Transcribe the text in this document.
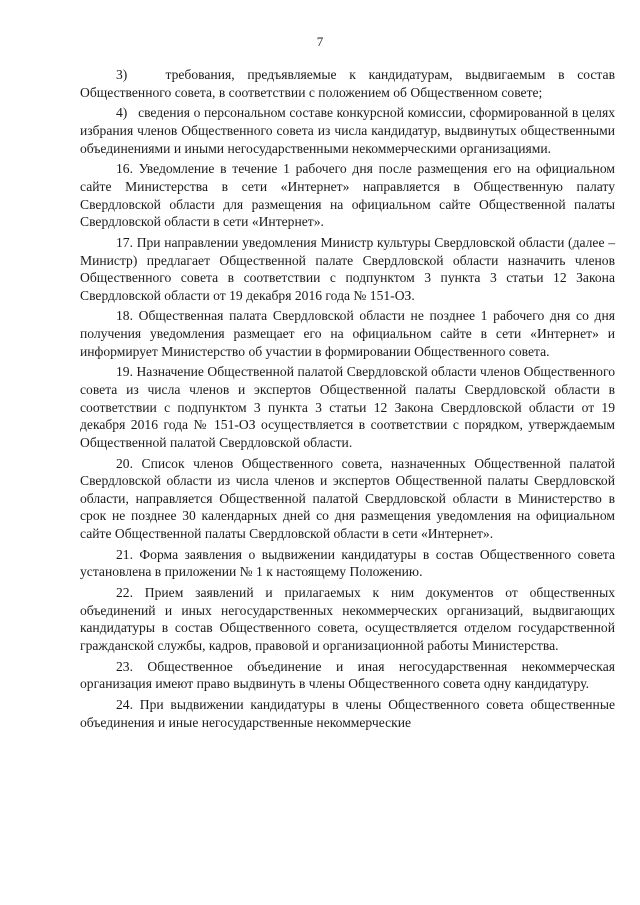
7

3)   требования, предъявляемые к кандидатурам, выдвигаемым в состав Общественного совета, в соответствии с положением об Общественном совете;

4)   сведения о персональном составе конкурсной комиссии, сформированной в целях избрания членов Общественного совета из числа кандидатур, выдвинутых общественными объединениями и иными негосударственными некоммерческими организациями.

16. Уведомление в течение 1 рабочего дня после размещения его на официальном сайте Министерства в сети «Интернет» направляется в Общественную палату Свердловской области для размещения на официальном сайте Общественной палаты Свердловской области в сети «Интернет».

17. При направлении уведомления Министр культуры Свердловской области (далее – Министр) предлагает Общественной палате Свердловской области назначить членов Общественного совета в соответствии с подпунктом 3 пункта 3 статьи 12 Закона Свердловской области от 19 декабря 2016 года № 151-ОЗ.

18. Общественная палата Свердловской области не позднее 1 рабочего дня со дня получения уведомления размещает его на официальном сайте в сети «Интернет» и информирует Министерство об участии в формировании Общественного совета.

19. Назначение Общественной палатой Свердловской области членов Общественного совета из числа членов и экспертов Общественной палаты Свердловской области в соответствии с подпунктом 3 пункта 3 статьи 12 Закона Свердловской области от 19 декабря 2016 года № 151-ОЗ осуществляется в соответствии с порядком, утверждаемым Общественной палатой Свердловской области.

20. Список членов Общественного совета, назначенных Общественной палатой Свердловской области из числа членов и экспертов Общественной палаты Свердловской области, направляется Общественной палатой Свердловской области в Министерство в срок не позднее 30 календарных дней со дня размещения уведомления на официальном сайте Общественной палаты Свердловской области в сети «Интернет».

21. Форма заявления о выдвижении кандидатуры в состав Общественного совета установлена в приложении № 1 к настоящему Положению.

22. Прием заявлений и прилагаемых к ним документов от общественных объединений и иных негосударственных некоммерческих организаций, выдвигающих кандидатуры в состав Общественного совета, осуществляется отделом государственной гражданской службы, кадров, правовой и организационной работы Министерства.

23. Общественное объединение и иная негосударственная некоммерческая организация имеют право выдвинуть в члены Общественного совета одну кандидатуру.

24. При выдвижении кандидатуры в члены Общественного совета общественные объединения и иные негосударственные некоммерческие
